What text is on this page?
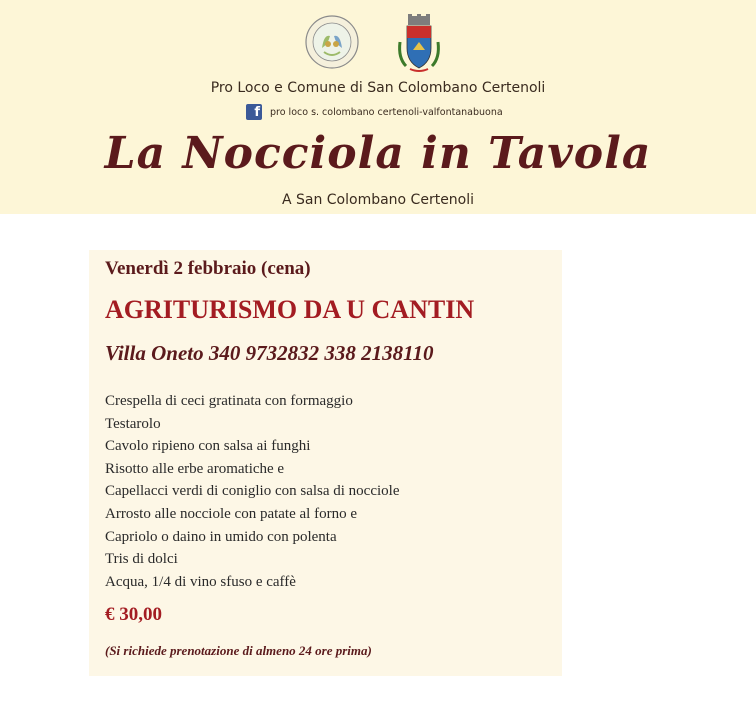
Pro Loco e Comune di San Colombano Certenoli
f pro loco s. colombano certenoli-valfontanabuona
La Nocciola in Tavola
A San Colombano Certenoli
Venerdì 2 febbraio (cena)
AGRITURISMO DA U CANTIN
Villa Oneto 340 9732832 338 2138110
Crespella di ceci gratinata con formaggio
Testarolo
Cavolo ripieno con salsa ai funghi
Risotto alle erbe aromatiche e
Capellacci verdi di coniglio con salsa di nocciole
Arrosto alle nocciole con patate al forno e
Capriolo o daino in umido con polenta
Tris di dolci
Acqua, 1/4 di vino sfuso e caffè
€ 30,00
(Si richiede prenotazione di almeno 24 ore prima)
